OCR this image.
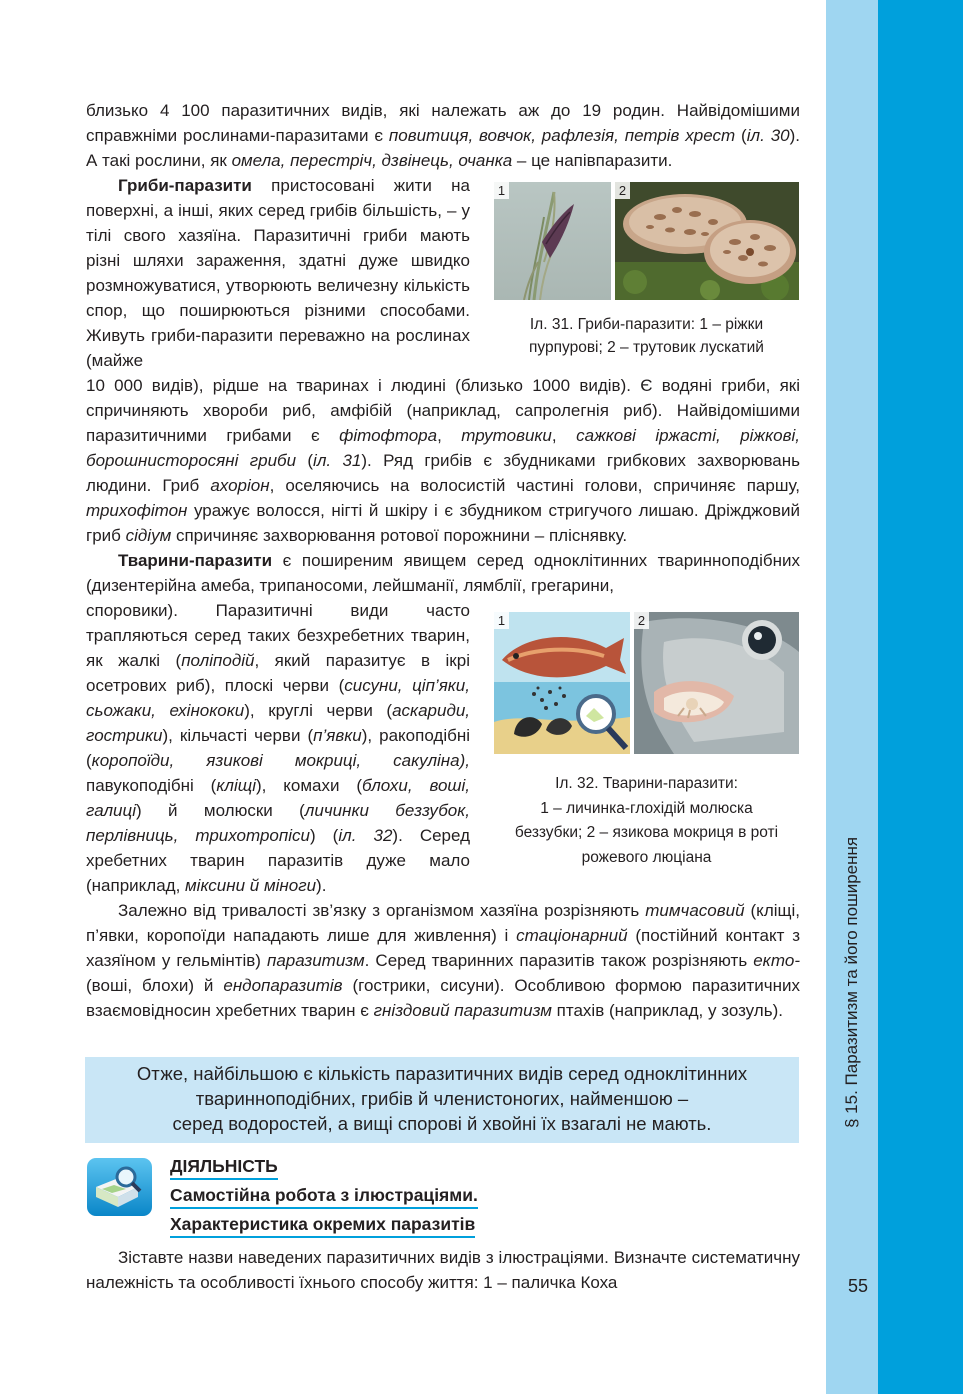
§ 15. Паразитизм та його поширення
55

близько 4 100 паразитичних видів, які належать аж до 19 родин. Найвідомішими справжніми рослинами-паразитами є повитиця, вовчок, рафлезія, петрів хрест (іл. 30). А такі рослини, як омела, перестріч, дзвінець, очанка – це напівпаразити.

Гриби-паразити пристосовані жити на поверхні, а інші, яких серед грибів більшість, – у тілі свого хазяїна. Паразитичні гриби мають різні шляхи зараження, здатні дуже швидко розмножуватися, утворюють величезну кількість спор, що поширюються різними способами. Живуть гриби-паразити переважно на рослинах (майже

1	2
Іл. 31. Гриби-паразити: 1 – ріжки
пурпурові; 2 – трутовик лускатий

10 000 видів), рідше на тваринах і людині (близько 1000 видів). Є водяні гриби, які спричиняють хвороби риб, амфібій (наприклад, сапролегнія риб). Найвідомішими паразитичними грибами є фітофтора, трутовики, сажкові іржасті, ріжкові, борошнисторосяні гриби (іл. 31). Ряд грибів є збудниками грибкових захворювань людини. Гриб ахоріон, оселяючись на волосистій частині голови, спричиняє паршу, трихофітон уражує волосся, нігті й шкіру і є збудником стригучого лишаю. Дріжджовий гриб сідіум спричиняє захворювання ротової порожнини – пліснявку.

Тварини-паразити є поширеним явищем серед одноклітинних тваринноподібних (дизентерійна амеба, трипаносоми, лейшманії, лямблії, грегарини,

споровики). Паразитичні види часто трапляються серед таких безхребетних тварин, як жалкі (поліподій, який паразитує в ікрі осетрових риб), плоскі черви (сисуни, ціп’яки, сьожаки, ехінококи), круглі черви (аскариди, гострики), кільчасті черви (п’явки), ракоподібні (коропоїди, язикові мокриці, сакуліна), павукоподібні (кліщі), комахи (блохи, воші, галиці) й молюски (личинки беззубок, перлівниць, трихотропіси) (іл. 32). Серед хребетних тварин паразитів дуже мало (наприклад, міксини й міноги).

1	2
Іл. 32. Тварини-паразити:
1 – личинка-глохідій молюска
беззубки; 2 – язикова мокриця в роті
рожевого люціана

Залежно від тривалості зв’язку з організмом хазяїна розрізняють тимчасовий (кліщі, п’явки, коропоїди нападають лише для живлення) і стаціонарний (постійний контакт з хазяїном у гельмінтів) паразитизм. Серед тваринних паразитів також розрізняють екто- (воші, блохи) й ендопаразитів (гострики, сисуни). Особливою формою паразитичних взаємовідносин хребетних тварин є гніздовий паразитизм птахів (наприклад, у зозуль).

Отже, найбільшою є кількість паразитичних видів серед одноклітинних
тваринноподібних, грибів й членистоногих, найменшою –
серед водоростей, а вищі спорові й хвойні їх взагалі не мають.
ДІЯЛЬНІСТЬ
Самостійна робота з ілюстраціями.
Характеристика окремих паразитів

Зіставте назви наведених паразитичних видів з ілюстраціями. Визначте систематичну належність та особливості їхнього способу життя: 1 – паличка Коха
